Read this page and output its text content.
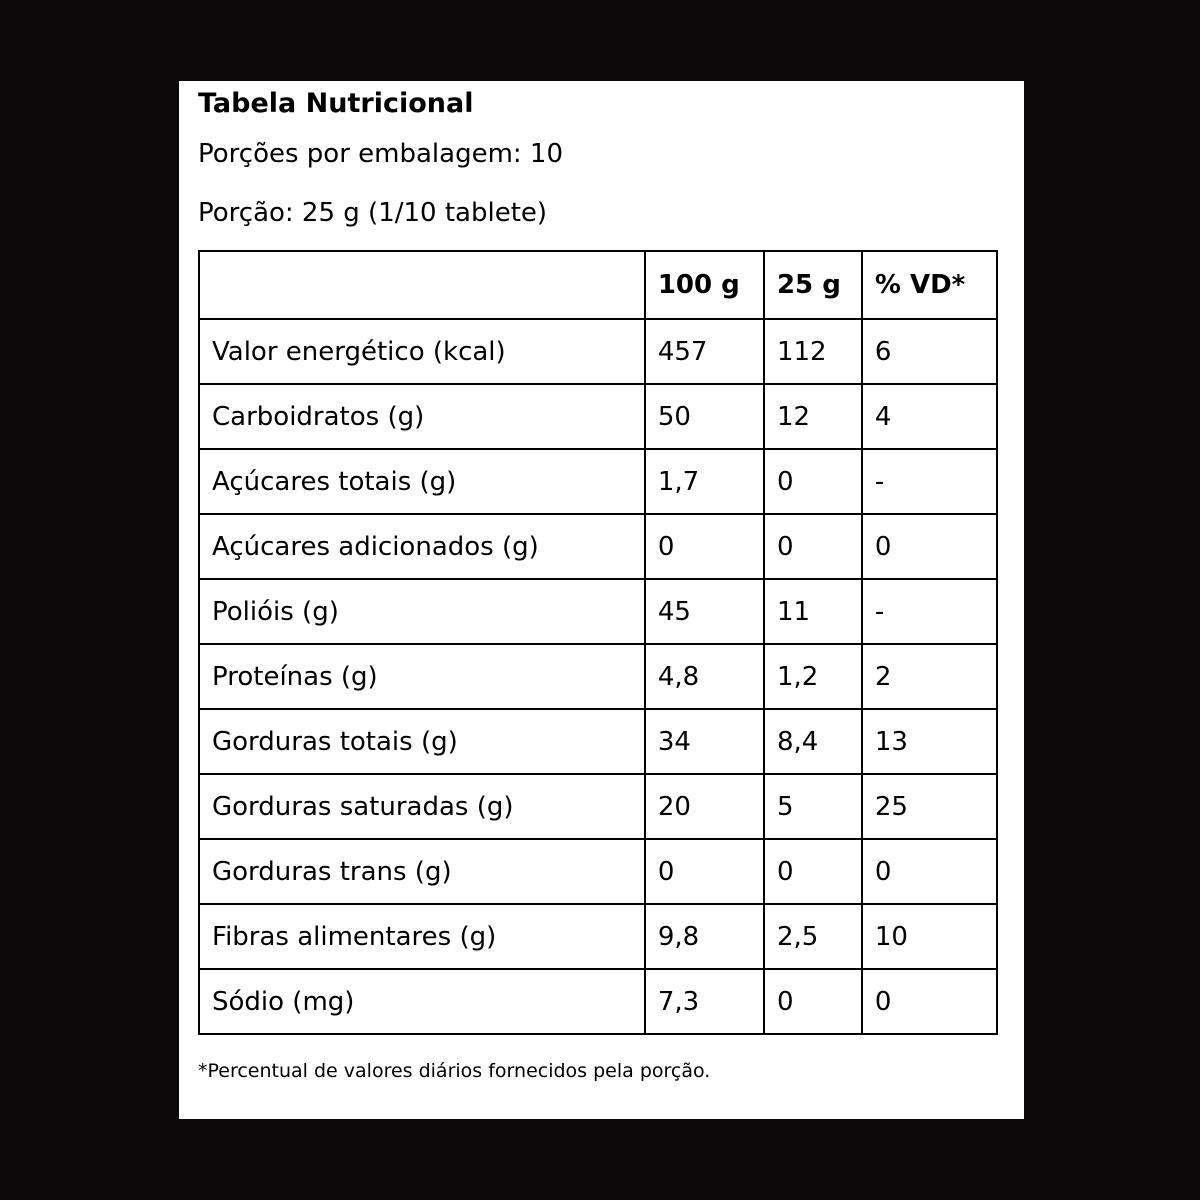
Tabela Nutricional
Porções por embalagem: 10
Porção: 25 g (1/10 tablete)
	100 g	25 g	% VD*
Valor energético (kcal)	457	112	6
Carboidratos (g)	50	12	4
Açúcares totais (g)	1,7	0	-
Açúcares adicionados (g)	0	0	0
Polióis (g)	45	11	-
Proteínas (g)	4,8	1,2	2
Gorduras totais (g)	34	8,4	13
Gorduras saturadas (g)	20	5	25
Gorduras trans (g)	0	0	0
Fibras alimentares (g)	9,8	2,5	10
Sódio (mg)	7,3	0	0
*Percentual de valores diários fornecidos pela porção.
